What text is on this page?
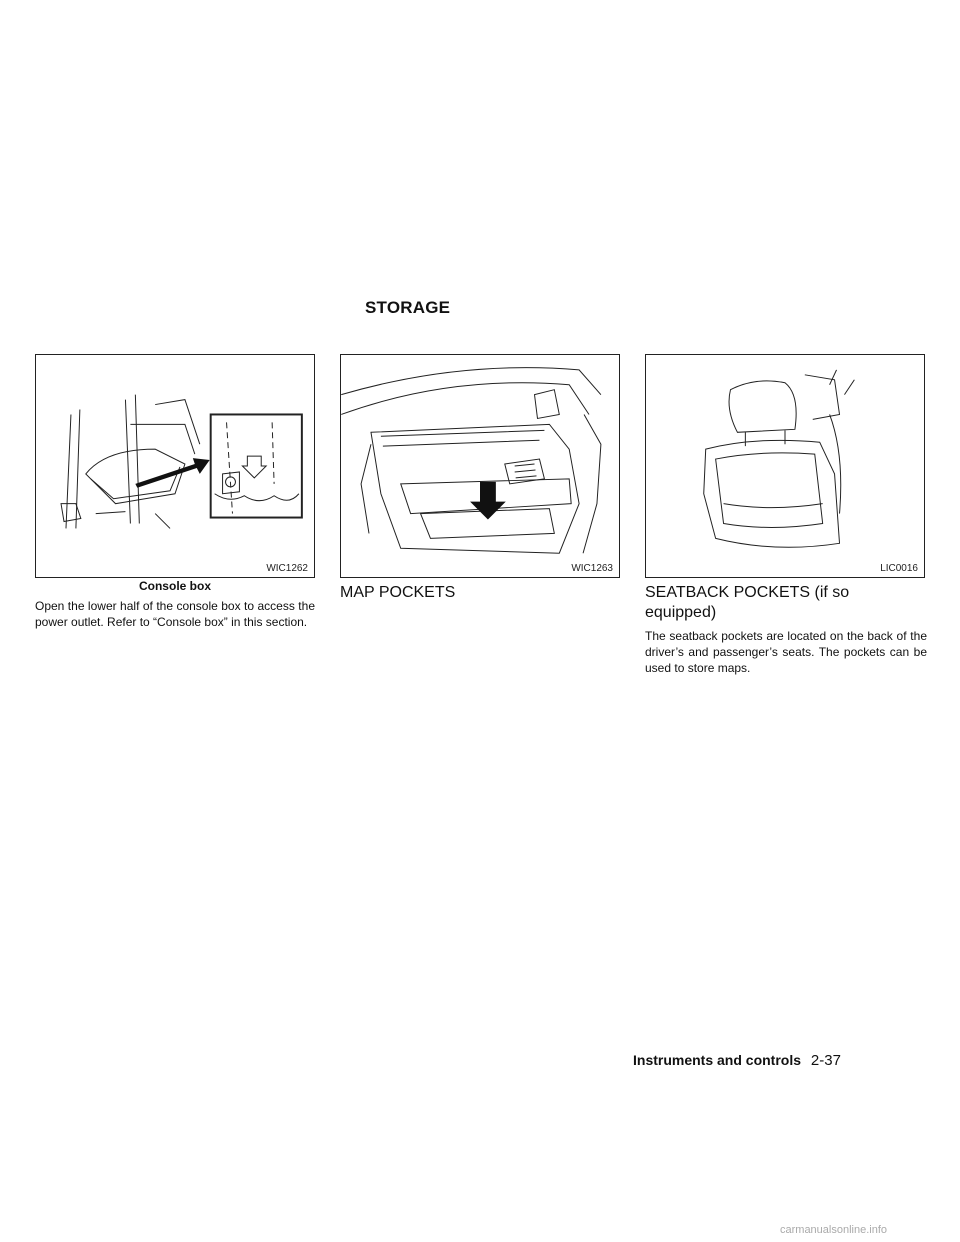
STORAGE
WIC1262	WIC1263	LIC0016
Console box
Open the lower half of the console box to access the power outlet. Refer to “Console box” in this section.
MAP POCKETS	SEATBACK POCKETS (if so equipped)
The seatback pockets are located on the back of the driver’s and passenger’s seats. The pockets can be used to store maps.
Instruments and controls 2-37
carmanualsonline.info
